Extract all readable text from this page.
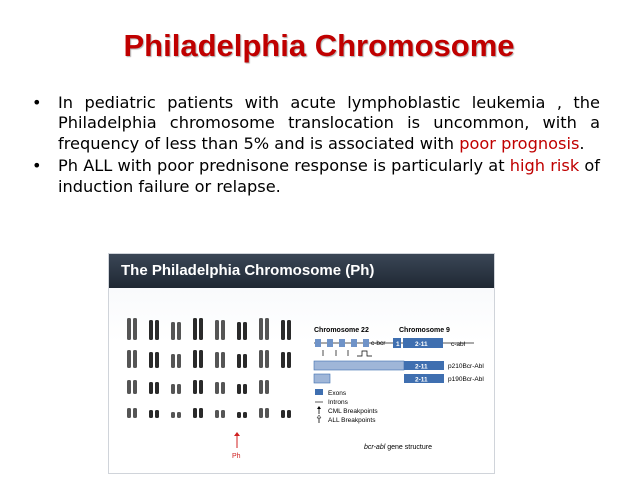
Philadelphia Chromosome
• In pediatric patients with acute lymphoblastic leukemia , the Philadelphia chromosome translocation is uncommon, with a frequency of less than 5% and is associated with poor prognosis.
• Ph ALL with poor prednisone response is particularly at high risk of induction failure or relapse.
The Philadelphia Chromosome (Ph)
Ph
Chromosome 22	Chromosome 9
c-bcr 1 2-11	c-abl
2-11	p210Bcr-Abl
2-11	p190Bcr-Abl
Exons
Introns
CML Breakpoints
ALL Breakpoints
bcr-abl gene structure
